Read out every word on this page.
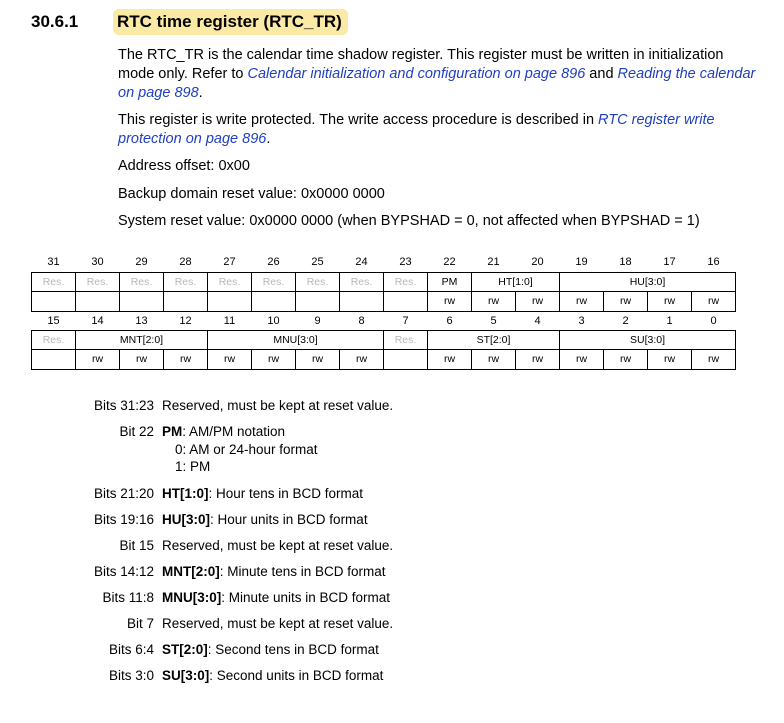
30.6.1 RTC time register (RTC_TR)
The RTC_TR is the calendar time shadow register. This register must be written in initialization mode only. Refer to Calendar initialization and configuration on page 896 and Reading the calendar on page 898.
This register is write protected. The write access procedure is described in RTC register write protection on page 896.
Address offset: 0x00
Backup domain reset value: 0x0000 0000
System reset value: 0x0000 0000 (when BYPSHAD = 0, not affected when BYPSHAD = 1)
31	30	29	28	27	26	25	24	23	22	21	20	19	18	17	16
Res.	Res.	Res.	Res.	Res.	Res.	Res.	Res.	Res.	PM	HT[1:0]		HU[3:0]			
									rw	rw	rw	rw	rw	rw	rw
15	14	13	12	11	10	9	8	7	6	5	4	3	2	1	0
Res.	MNT[2:0]			MNU[3:0]				Res.	ST[2:0]			SU[3:0]			
	rw	rw	rw	rw	rw	rw	rw		rw	rw	rw	rw	rw	rw	rw
Bits 31:23 Reserved, must be kept at reset value.
Bit 22 PM: AM/PM notation
0: AM or 24-hour format
1: PM
Bits 21:20 HT[1:0]: Hour tens in BCD format
Bits 19:16 HU[3:0]: Hour units in BCD format
Bit 15 Reserved, must be kept at reset value.
Bits 14:12 MNT[2:0]: Minute tens in BCD format
Bits 11:8 MNU[3:0]: Minute units in BCD format
Bit 7 Reserved, must be kept at reset value.
Bits 6:4 ST[2:0]: Second tens in BCD format
Bits 3:0 SU[3:0]: Second units in BCD format
